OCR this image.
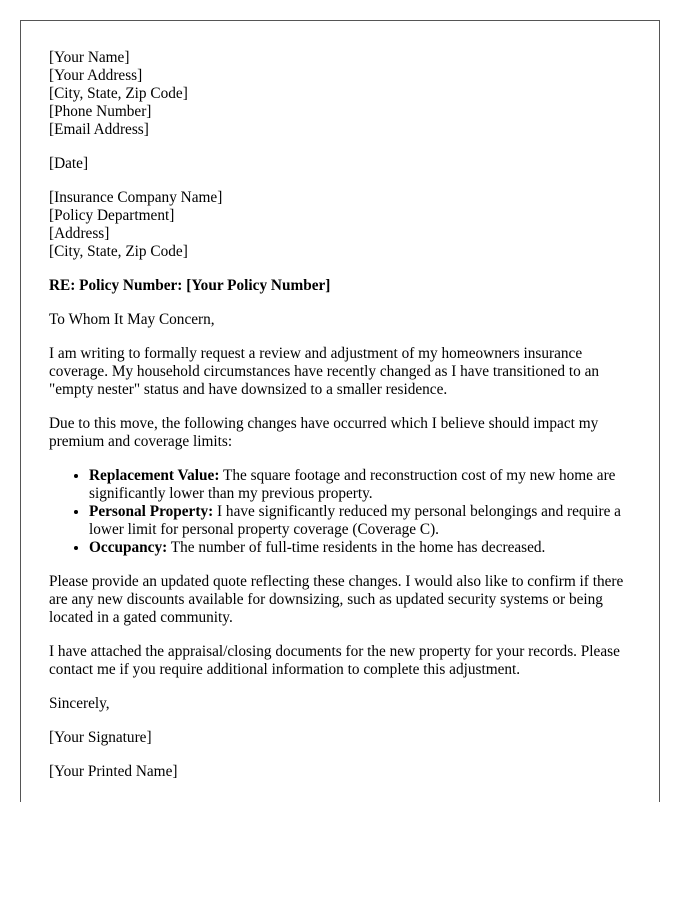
[Your Name]
[Your Address]
[City, State, Zip Code]
[Phone Number]
[Email Address]
[Date]
[Insurance Company Name]
[Policy Department]
[Address]
[City, State, Zip Code]
RE: Policy Number: [Your Policy Number]

To Whom It May Concern,

I am writing to formally request a review and adjustment of my homeowners insurance coverage. My household circumstances have recently changed as I have transitioned to an "empty nester" status and have downsized to a smaller residence.

Due to this move, the following changes have occurred which I believe should impact my premium and coverage limits:

• Replacement Value: The square footage and reconstruction cost of my new home are significantly lower than my previous property.
• Personal Property: I have significantly reduced my personal belongings and require a lower limit for personal property coverage (Coverage C).
• Occupancy: The number of full-time residents in the home has decreased.

Please provide an updated quote reflecting these changes. I would also like to confirm if there are any new discounts available for downsizing, such as updated security systems or being located in a gated community.

I have attached the appraisal/closing documents for the new property for your records. Please contact me if you require additional information to complete this adjustment.

Sincerely,

[Your Signature]

[Your Printed Name]
